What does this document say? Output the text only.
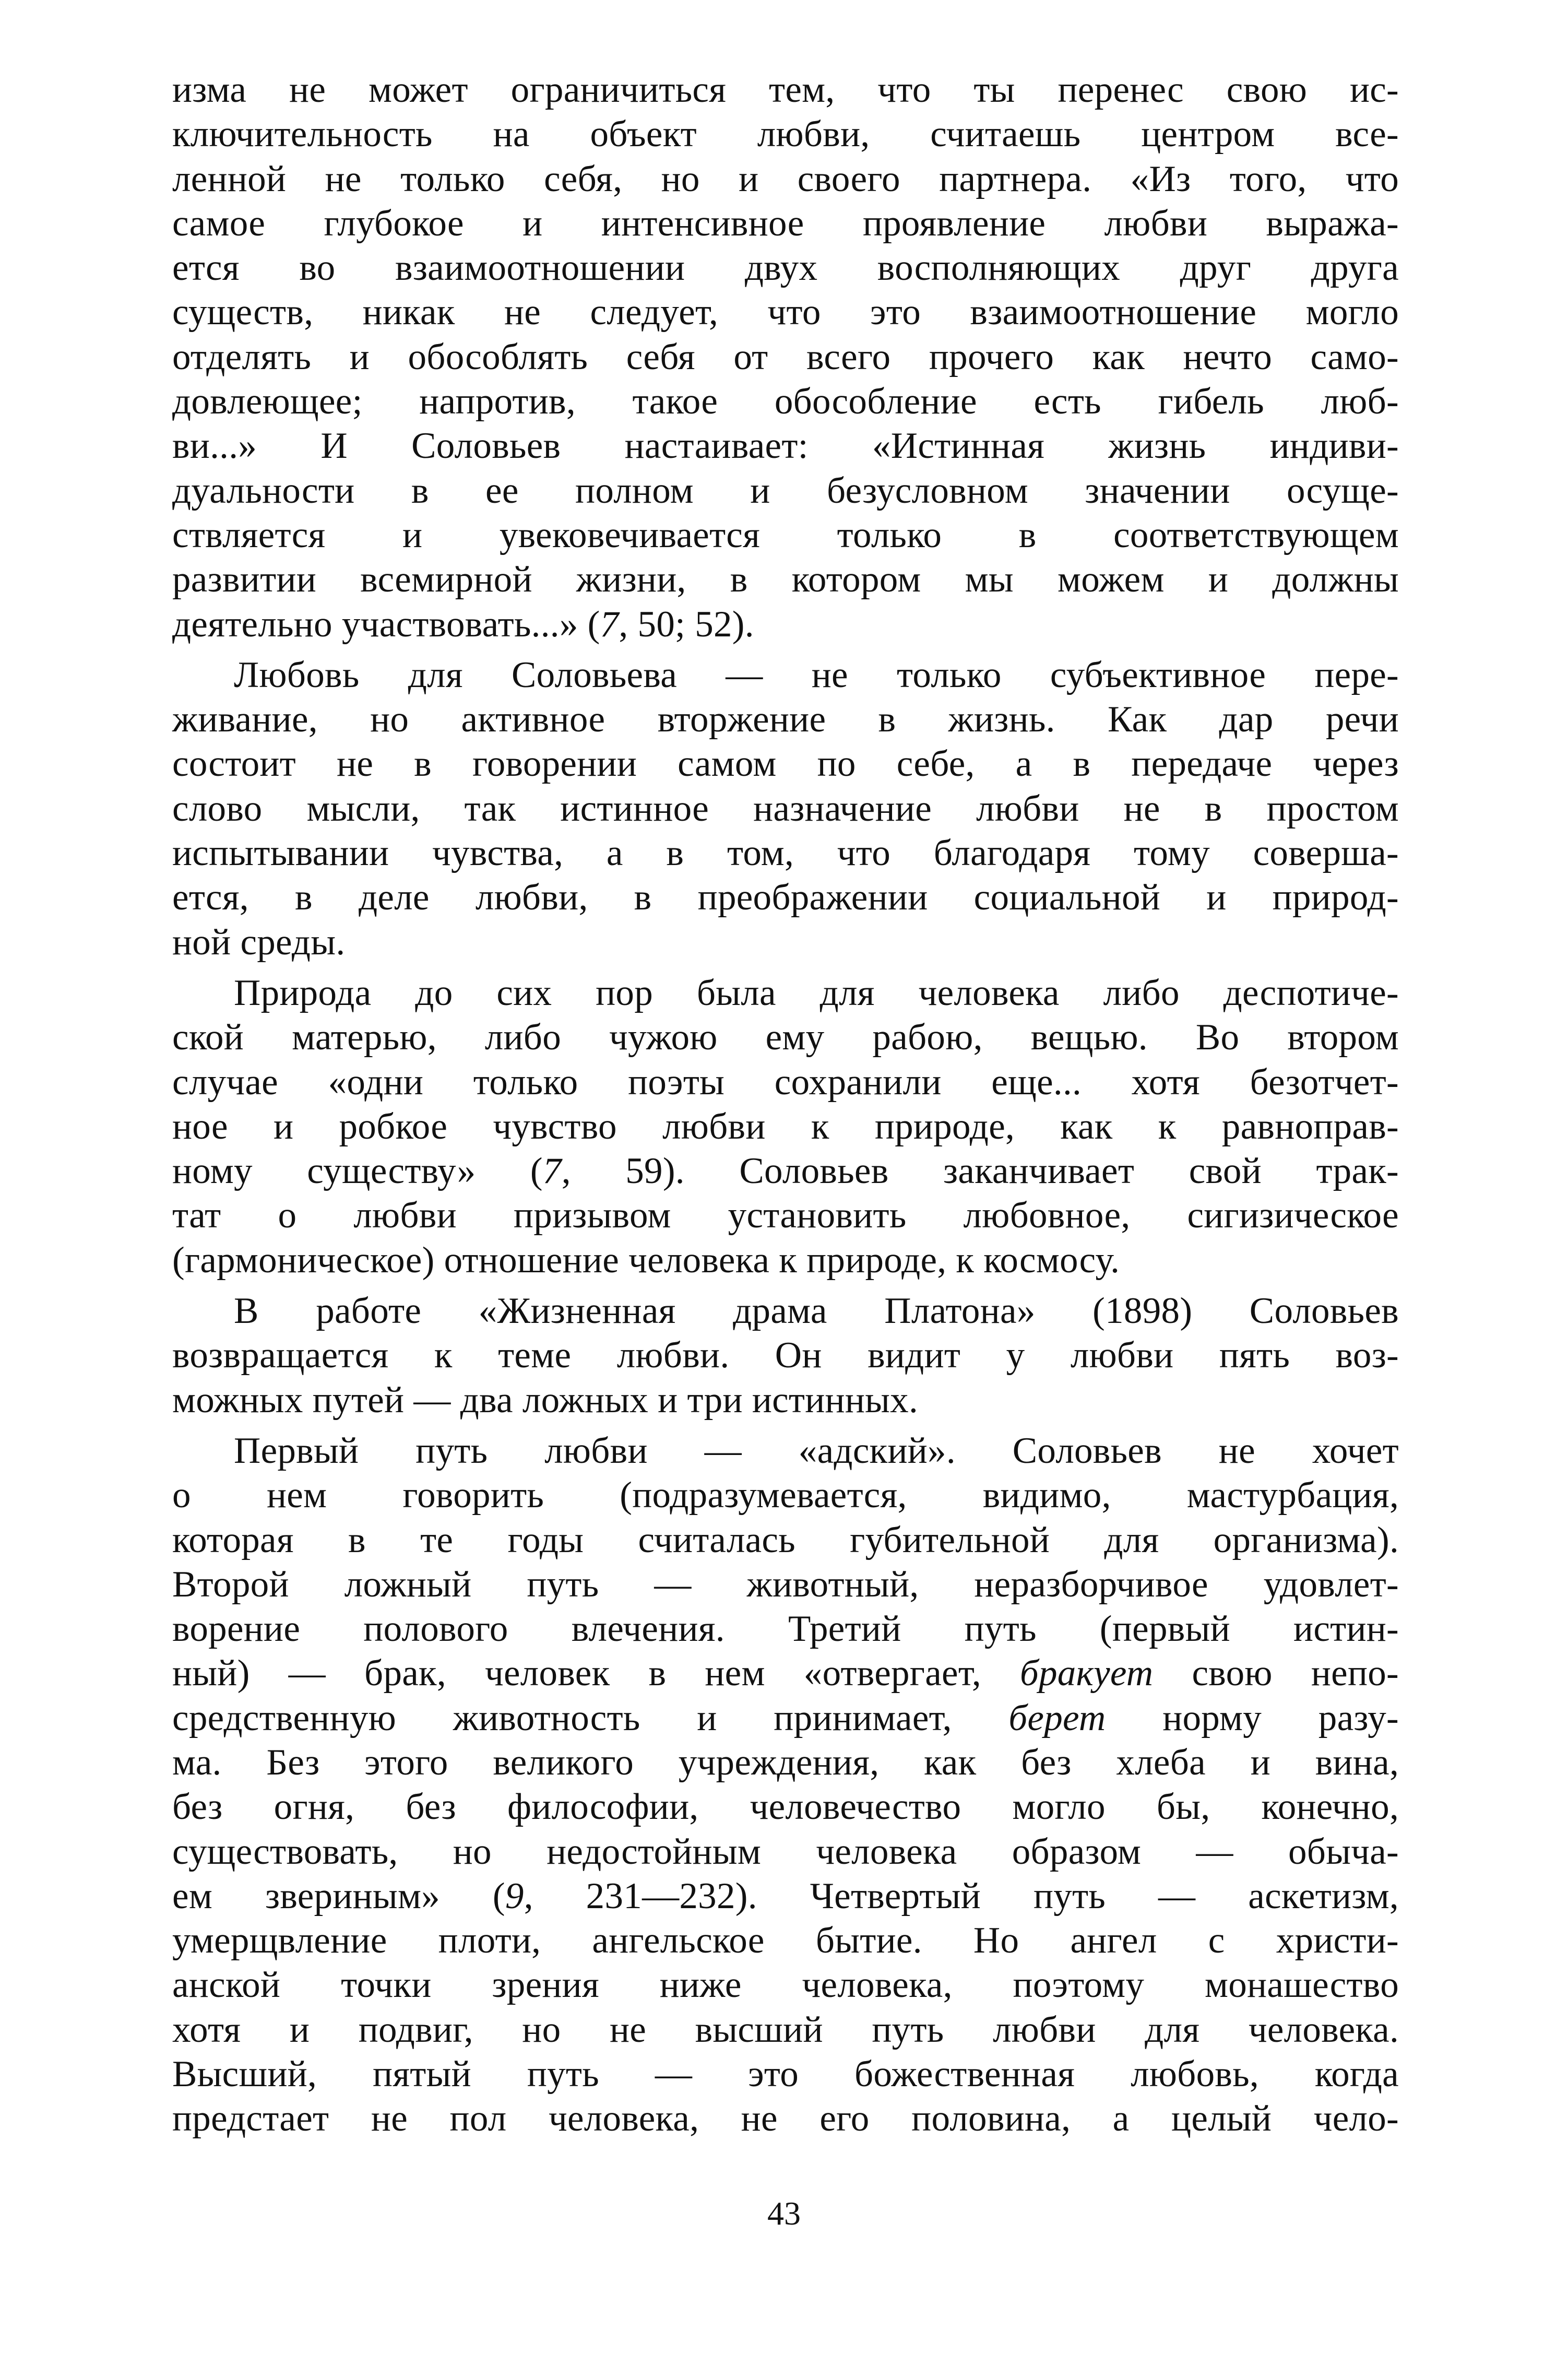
изма не может ограничиться тем, что ты перенес свою ис-
ключительность на объект любви, считаешь центром все-
ленной не только себя, но и своего партнера. «Из того, что
самое глубокое и интенсивное проявление любви выража-
ется во взаимоотношении двух восполняющих друг друга
существ, никак не следует, что это взаимоотношение могло
отделять и обособлять себя от всего прочего как нечто само-
довлеющее; напротив, такое обособление есть гибель люб-
ви...» И Соловьев настаивает: «Истинная жизнь индиви-
дуальности в ее полном и безусловном значении осуще-
ствляется и увековечивается только в соответствующем
развитии всемирной жизни, в котором мы можем и должны
деятельно участвовать...» (7, 50; 52).
Любовь для Соловьева — не только субъективное пере-
живание, но активное вторжение в жизнь. Как дар речи
состоит не в говорении самом по себе, а в передаче через
слово мысли, так истинное назначение любви не в простом
испытывании чувства, а в том, что благодаря тому соверша-
ется, в деле любви, в преображении социальной и природ-
ной среды.
Природа до сих пор была для человека либо деспотиче-
ской матерью, либо чужою ему рабою, вещью. Во втором
случае «одни только поэты сохранили еще... хотя безотчет-
ное и робкое чувство любви к природе, как к равноправ-
ному существу» (7, 59). Соловьев заканчивает свой трак-
тат о любви призывом установить любовное, сигизическое
(гармоническое) отношение человека к природе, к космосу.
В работе «Жизненная драма Платона» (1898) Соловьев
возвращается к теме любви. Он видит у любви пять воз-
можных путей — два ложных и три истинных.
Первый путь любви — «адский». Соловьев не хочет
о нем говорить (подразумевается, видимо, мастурбация,
которая в те годы считалась губительной для организма).
Второй ложный путь — животный, неразборчивое удовлет-
ворение полового влечения. Третий путь (первый истин-
ный) — брак, человек в нем «отвергает, бракует свою непо-
средственную животность и принимает, берет норму разу-
ма. Без этого великого учреждения, как без хлеба и вина,
без огня, без философии, человечество могло бы, конечно,
существовать, но недостойным человека образом — обыча-
ем звериным» (9, 231—232). Четвертый путь — аскетизм,
умерщвление плоти, ангельское бытие. Но ангел с христи-
анской точки зрения ниже человека, поэтому монашество
хотя и подвиг, но не высший путь любви для человека.
Высший, пятый путь — это божественная любовь, когда
предстает не пол человека, не его половина, а целый чело-
43
